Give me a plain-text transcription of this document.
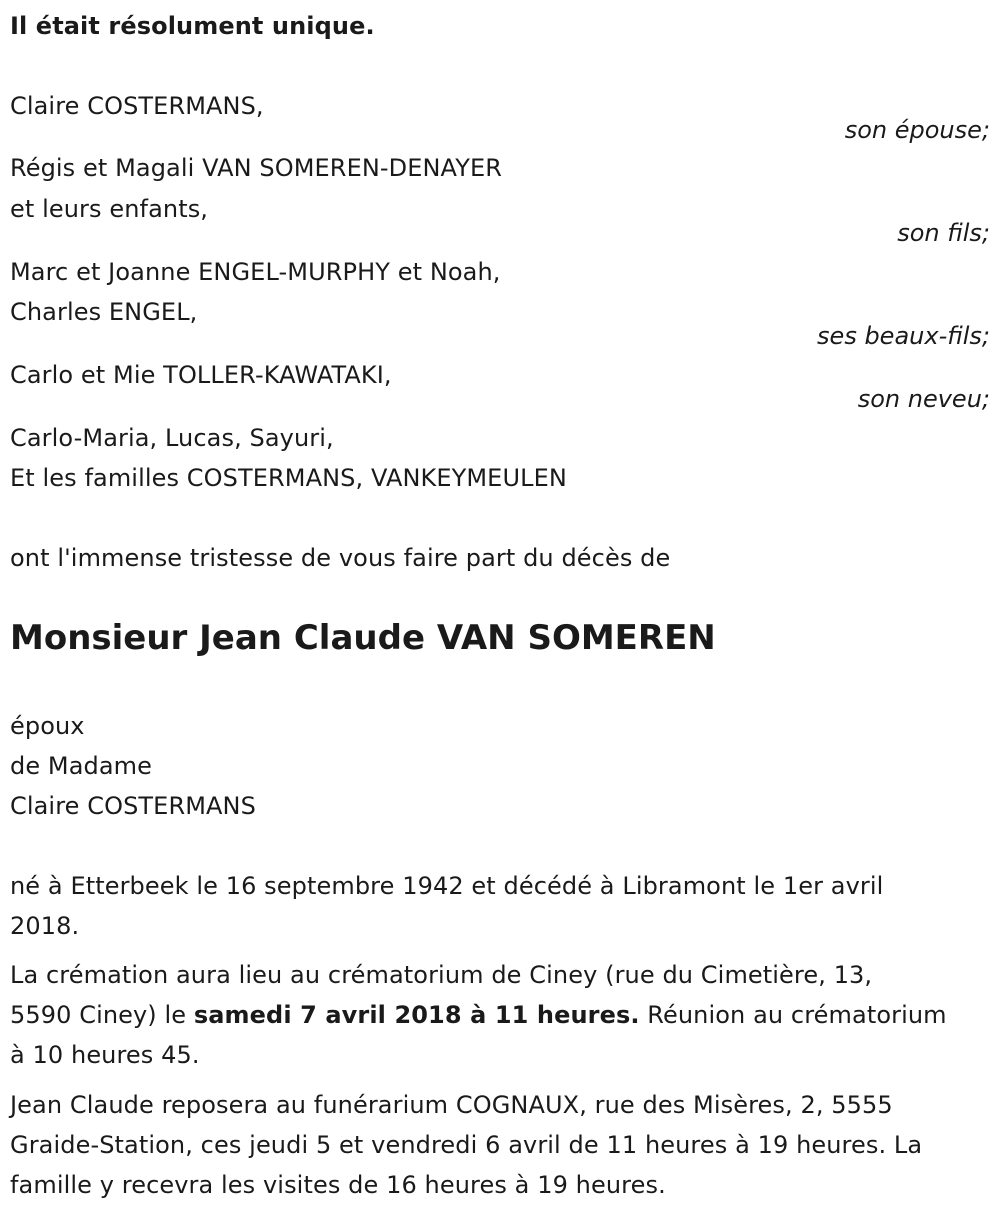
Il était résolument unique.
Claire COSTERMANS,
son épouse;
Régis et Magali VAN SOMEREN-DENAYER
et leurs enfants,
son fils;
Marc et Joanne ENGEL-MURPHY et Noah,
Charles ENGEL,
ses beaux-fils;
Carlo et Mie TOLLER-KAWATAKI,
son neveu;
Carlo-Maria, Lucas, Sayuri,
Et les familles COSTERMANS, VANKEYMEULEN
ont l'immense tristesse de vous faire part du décès de
Monsieur Jean Claude VAN SOMEREN
époux
de Madame
Claire COSTERMANS
né à Etterbeek le 16 septembre 1942 et décédé à Libramont le 1er avril
2018.
La crémation aura lieu au crématorium de Ciney (rue du Cimetière, 13,
5590 Ciney) le samedi 7 avril 2018 à 11 heures. Réunion au crématorium
à 10 heures 45.
Jean Claude reposera au funérarium COGNAUX, rue des Misères, 2, 5555
Graide-Station, ces jeudi 5 et vendredi 6 avril de 11 heures à 19 heures. La
famille y recevra les visites de 16 heures à 19 heures.
